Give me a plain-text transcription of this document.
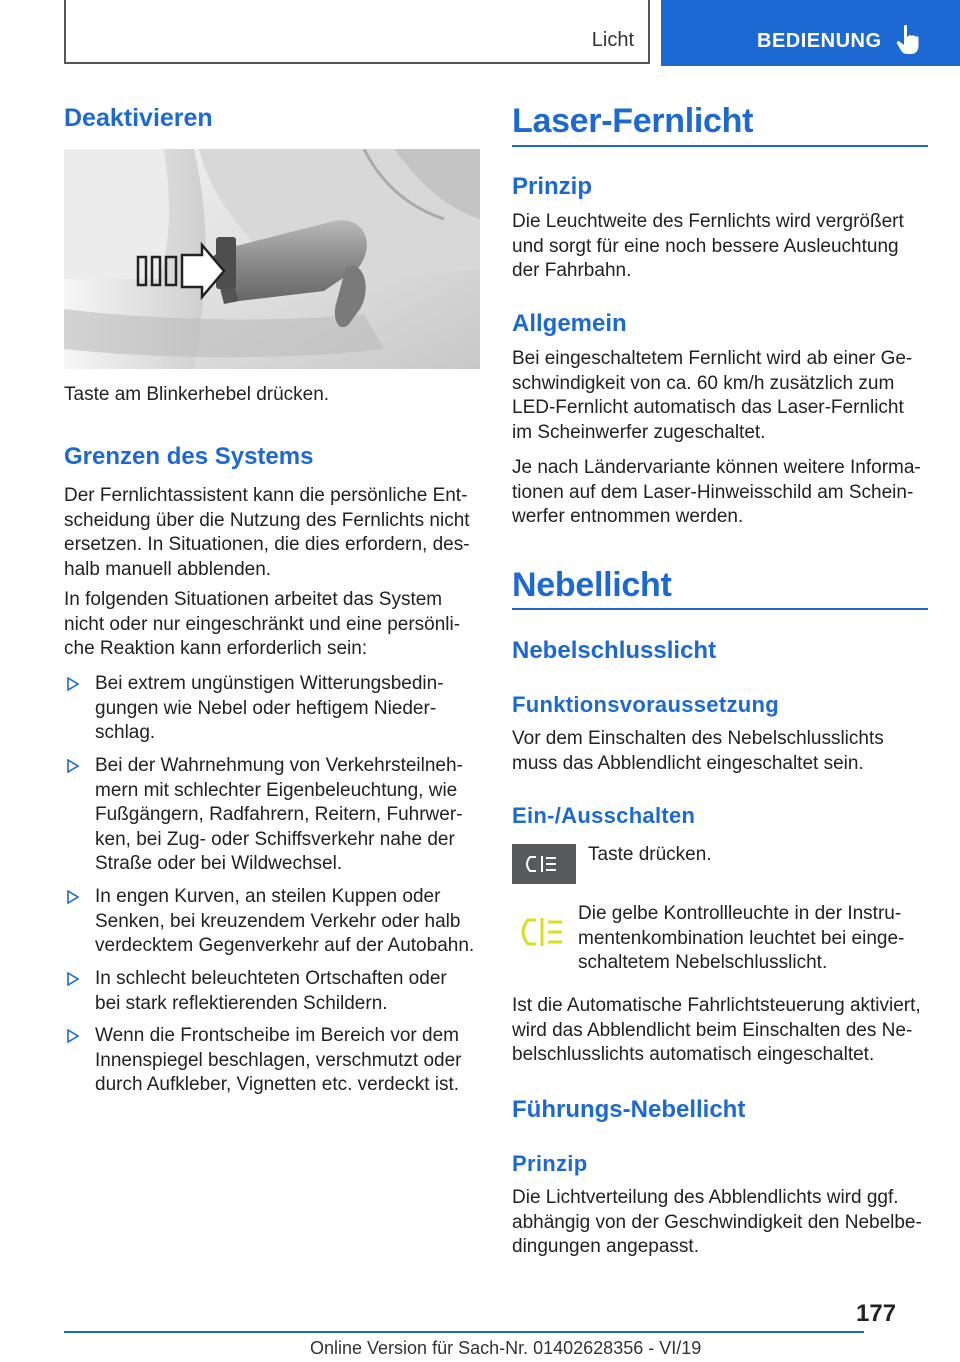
Licht	BEDIENUNG
Deaktivieren
Taste am Blinkerhebel drücken.
Grenzen des Systems
Der Fernlichtassistent kann die persönliche Ent‐
scheidung über die Nutzung des Fernlichts nicht
ersetzen. In Situationen, die dies erfordern, des‐
halb manuell abblenden.
In folgenden Situationen arbeitet das System
nicht oder nur eingeschränkt und eine persönli‐
che Reaktion kann erforderlich sein:
Bei extrem ungünstigen Witterungsbedin‐
gungen wie Nebel oder heftigem Nieder‐
schlag.
Bei der Wahrnehmung von Verkehrsteilneh‐
mern mit schlechter Eigenbeleuchtung, wie
Fußgängern, Radfahrern, Reitern, Fuhrwer‐
ken, bei Zug- oder Schiffsverkehr nahe der
Straße oder bei Wildwechsel.
In engen Kurven, an steilen Kuppen oder
Senken, bei kreuzendem Verkehr oder halb
verdecktem Gegenverkehr auf der Autobahn.
In schlecht beleuchteten Ortschaften oder
bei stark reflektierenden Schildern.
Wenn die Frontscheibe im Bereich vor dem
Innenspiegel beschlagen, verschmutzt oder
durch Aufkleber, Vignetten etc. verdeckt ist.
Laser-Fernlicht
Prinzip
Die Leuchtweite des Fernlichts wird vergrößert
und sorgt für eine noch bessere Ausleuchtung
der Fahrbahn.
Allgemein
Bei eingeschaltetem Fernlicht wird ab einer Ge‐
schwindigkeit von ca. 60 km/h zusätzlich zum
LED-Fernlicht automatisch das Laser-Fernlicht
im Scheinwerfer zugeschaltet.
Je nach Ländervariante können weitere Informa‐
tionen auf dem Laser-Hinweisschild am Schein‐
werfer entnommen werden.
Nebellicht
Nebelschlusslicht
Funktionsvoraussetzung
Vor dem Einschalten des Nebelschlusslichts
muss das Abblendlicht eingeschaltet sein.
Ein-/Ausschalten
Taste drücken.
Die gelbe Kontrollleuchte in der Instru‐
mentenkombination leuchtet bei einge‐
schaltetem Nebelschlusslicht.
Ist die Automatische Fahrlichtsteuerung aktiviert,
wird das Abblendlicht beim Einschalten des Ne‐
belschlusslichts automatisch eingeschaltet.
Führungs-Nebellicht
Prinzip
Die Lichtverteilung des Abblendlichts wird ggf.
abhängig von der Geschwindigkeit den Nebelbe‐
dingungen angepasst.
177
Online Version für Sach-Nr. 01402628356 - VI/19
